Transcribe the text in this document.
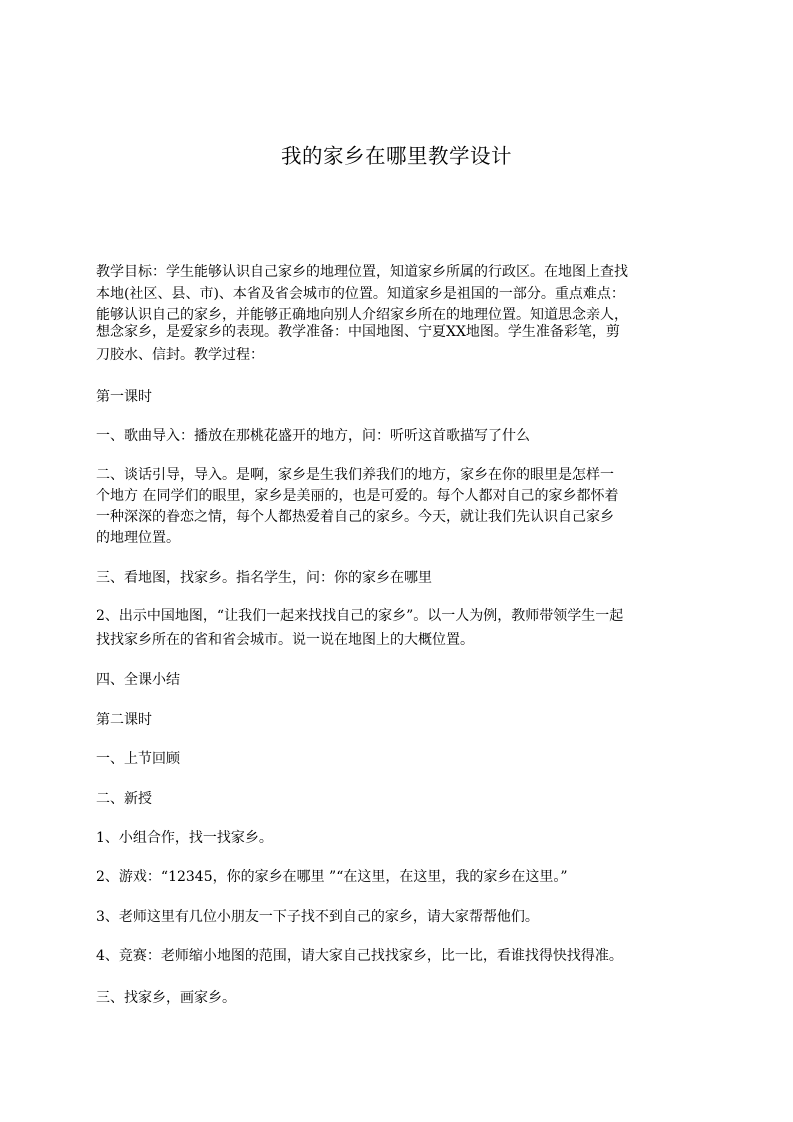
我的家乡在哪里教学设计
教学目标：学生能够认识自己家乡的地理位置，知道家乡所属的行政区。在地图上查找
本地(社区、县、市)、本省及省会城市的位置。知道家乡是祖国的一部分。重点难点：
能够认识自己的家乡，并能够正确地向别人介绍家乡所在的地理位置。知道思念亲人，
想念家乡，是爱家乡的表现。教学准备：中国地图、宁夏XX地图。学生准备彩笔，剪
刀胶水、信封。教学过程：
第一课时
一、歌曲导入：播放在那桃花盛开的地方，问：听听这首歌描写了什么
二、谈话引导，导入。是啊，家乡是生我们养我们的地方，家乡在你的眼里是怎样一
个地方 在同学们的眼里，家乡是美丽的，也是可爱的。每个人都对自己的家乡都怀着
一种深深的眷恋之情，每个人都热爱着自己的家乡。今天，就让我们先认识自己家乡
的地理位置。
三、看地图，找家乡。指名学生，问：你的家乡在哪里
2、出示中国地图，“让我们一起来找找自己的家乡”。以一人为例，教师带领学生一起
找找家乡所在的省和省会城市。说一说在地图上的大概位置。
四、全课小结
第二课时
一、上节回顾
二、新授
1、小组合作，找一找家乡。
2、游戏：“12345，你的家乡在哪里 ”“在这里，在这里，我的家乡在这里。”
3、老师这里有几位小朋友一下子找不到自己的家乡，请大家帮帮他们。
4、竞赛：老师缩小地图的范围，请大家自己找找家乡，比一比，看谁找得快找得准。
三、找家乡，画家乡。
